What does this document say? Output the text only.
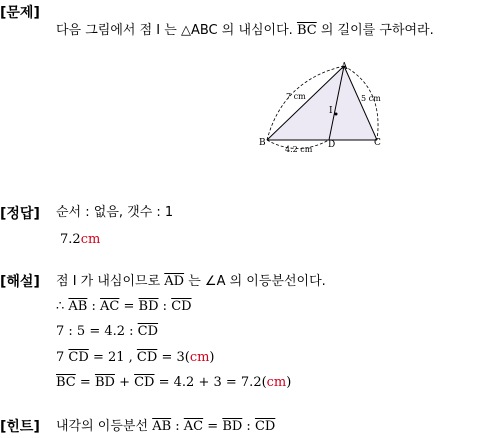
[문제]
다음 그림에서 점 I 는 △ABC 의 내심이다. $\overline{BC}$ 의 길이를 구하여라.
A
B	C
D
I
7 cm	5 cm
4.2 cm
[정답] 순서 : 없음, 갯수 : 1
7.2cm
[해설] 점 I 가 내심이므로 $\overline{AD}$ 는 ∠A 의 이등분선이다.
∴ $\overline{AB}$ : $\overline{AC} = \overline{BD}$ : $\overline{CD}$
7 : 5 = 4.2 : $\overline{CD}$
7 $\overline{CD} = 21$ , $\overline{CD} = 3(cm)$
$\overline{BC} = \overline{BD} + \overline{CD} = 4.2 + 3 = 7.2(cm)$
[힌트] 내각의 이등분선 $\overline{AB}$ : $\overline{AC} = \overline{BD}$ : $\overline{CD}$
